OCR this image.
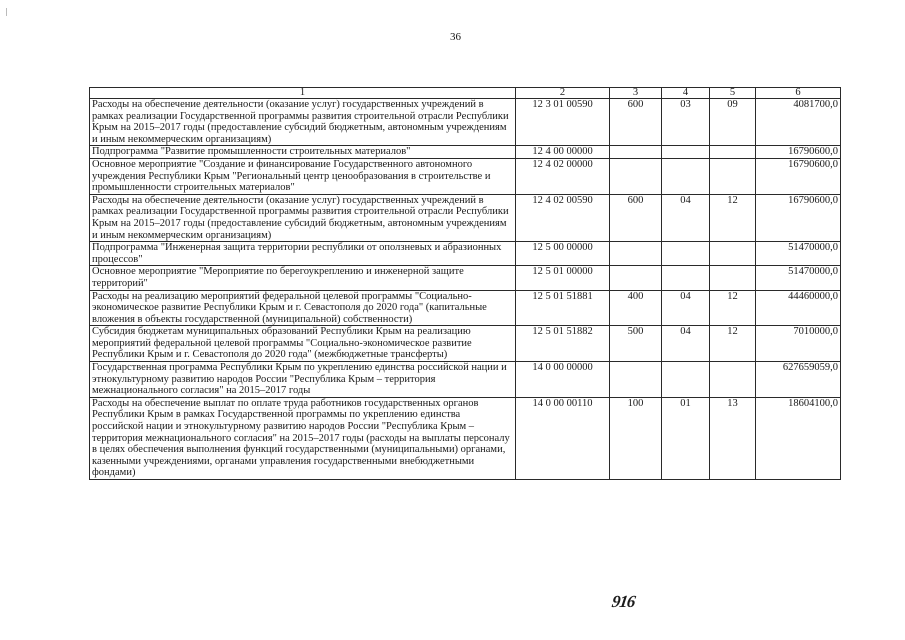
36
1	2	3	4	5	6
Расходы на обеспечение деятельности (оказание услуг) государственных учреждений в рамках реализации Государственной программы развития строительной отрасли Республики Крым на 2015–2017 годы (предоставление субсидий бюджетным, автономным учреждениям и иным некоммерческим организациям)	12 3 01 00590	600	03	09	4081700,0
Подпрограмма "Развитие промышленности строительных материалов"	12 4 00 00000				16790600,0
Основное мероприятие "Создание и финансирование Государственного автономного учреждения Республики Крым "Региональный центр ценообразования в строительстве и промышленности строительных материалов"	12 4 02 00000				16790600,0
Расходы на обеспечение деятельности (оказание услуг) государственных учреждений в рамках реализации Государственной программы развития строительной отрасли Республики Крым на 2015–2017 годы (предоставление субсидий бюджетным, автономным учреждениям и иным некоммерческим организациям)	12 4 02 00590	600	04	12	16790600,0
Подпрограмма "Инженерная защита территории республики от оползневых и абразионных процессов"	12 5 00 00000				51470000,0
Основное мероприятие "Мероприятие по берегоукреплению и инженерной защите территорий"	12 5 01 00000				51470000,0
Расходы на реализацию мероприятий федеральной целевой программы "Социально-экономическое развитие Республики Крым и г. Севастополя до 2020 года" (капитальные вложения в объекты государственной (муниципальной) собственности)	12 5 01 51881	400	04	12	44460000,0
Субсидия бюджетам муниципальных образований Республики Крым на реализацию мероприятий федеральной целевой программы "Социально-экономическое развитие Республики Крым и г. Севастополя до 2020 года" (межбюджетные трансферты)	12 5 01 51882	500	04	12	7010000,0
Государственная программа Республики Крым по укреплению единства российской нации и этнокультурному развитию народов России "Республика Крым – территория межнационального согласия" на 2015–2017 годы	14 0 00 00000				627659059,0
Расходы на обеспечение выплат по оплате труда работников государственных органов Республики Крым в рамках Государственной программы по укреплению единства российской нации и этнокультурному развитию народов России "Республика Крым – территория межнационального согласия" на 2015–2017 годы (расходы на выплаты персоналу в целях обеспечения выполнения функций государственными (муниципальными) органами, казенными учреждениями, органами управления государственными внебюджетными фондами)	14 0 00 00110	100	01	13	18604100,0
916
